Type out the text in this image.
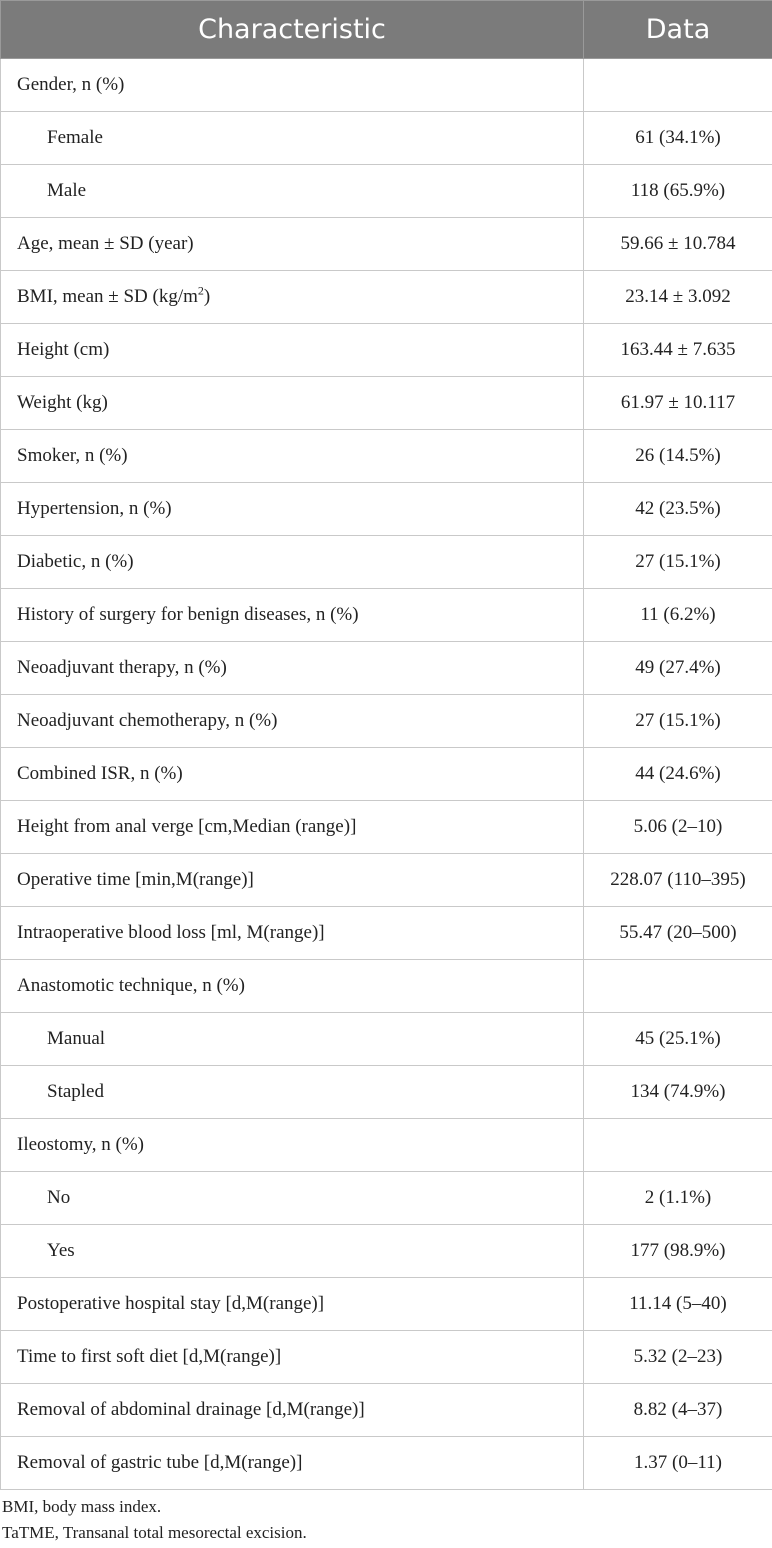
Characteristic	Data
Gender, n (%)	
Female	61 (34.1%)
Male	118 (65.9%)
Age, mean ± SD (year)	59.66 ± 10.784
BMI, mean ± SD $(kg/m^2)$	23.14 ± 3.092
Height (cm)	163.44 ± 7.635
Weight (kg)	61.97 ± 10.117
Smoker, n (%)	26 (14.5%)
Hypertension, n (%)	42 (23.5%)
Diabetic, n (%)	27 (15.1%)
History of surgery for benign diseases, n (%)	11 (6.2%)
Neoadjuvant therapy, n (%)	49 (27.4%)
Neoadjuvant chemotherapy, n (%)	27 (15.1%)
Combined ISR, n (%)	44 (24.6%)
Height from anal verge [cm,Median (range)]	5.06 (2–10)
Operative time [min,M(range)]	228.07 (110–395)
Intraoperative blood loss [ml, M(range)]	55.47 (20–500)
Anastomotic technique, n (%)	
Manual	45 (25.1%)
Stapled	134 (74.9%)
Ileostomy, n (%)	
No	2 (1.1%)
Yes	177 (98.9%)
Postoperative hospital stay [d,M(range)]	11.14 (5–40)
Time to first soft diet [d,M(range)]	5.32 (2–23)
Removal of abdominal drainage [d,M(range)]	8.82 (4–37)
Removal of gastric tube [d,M(range)]	1.37 (0–11)
BMI, body mass index.
TaTME, Transanal total mesorectal excision.
